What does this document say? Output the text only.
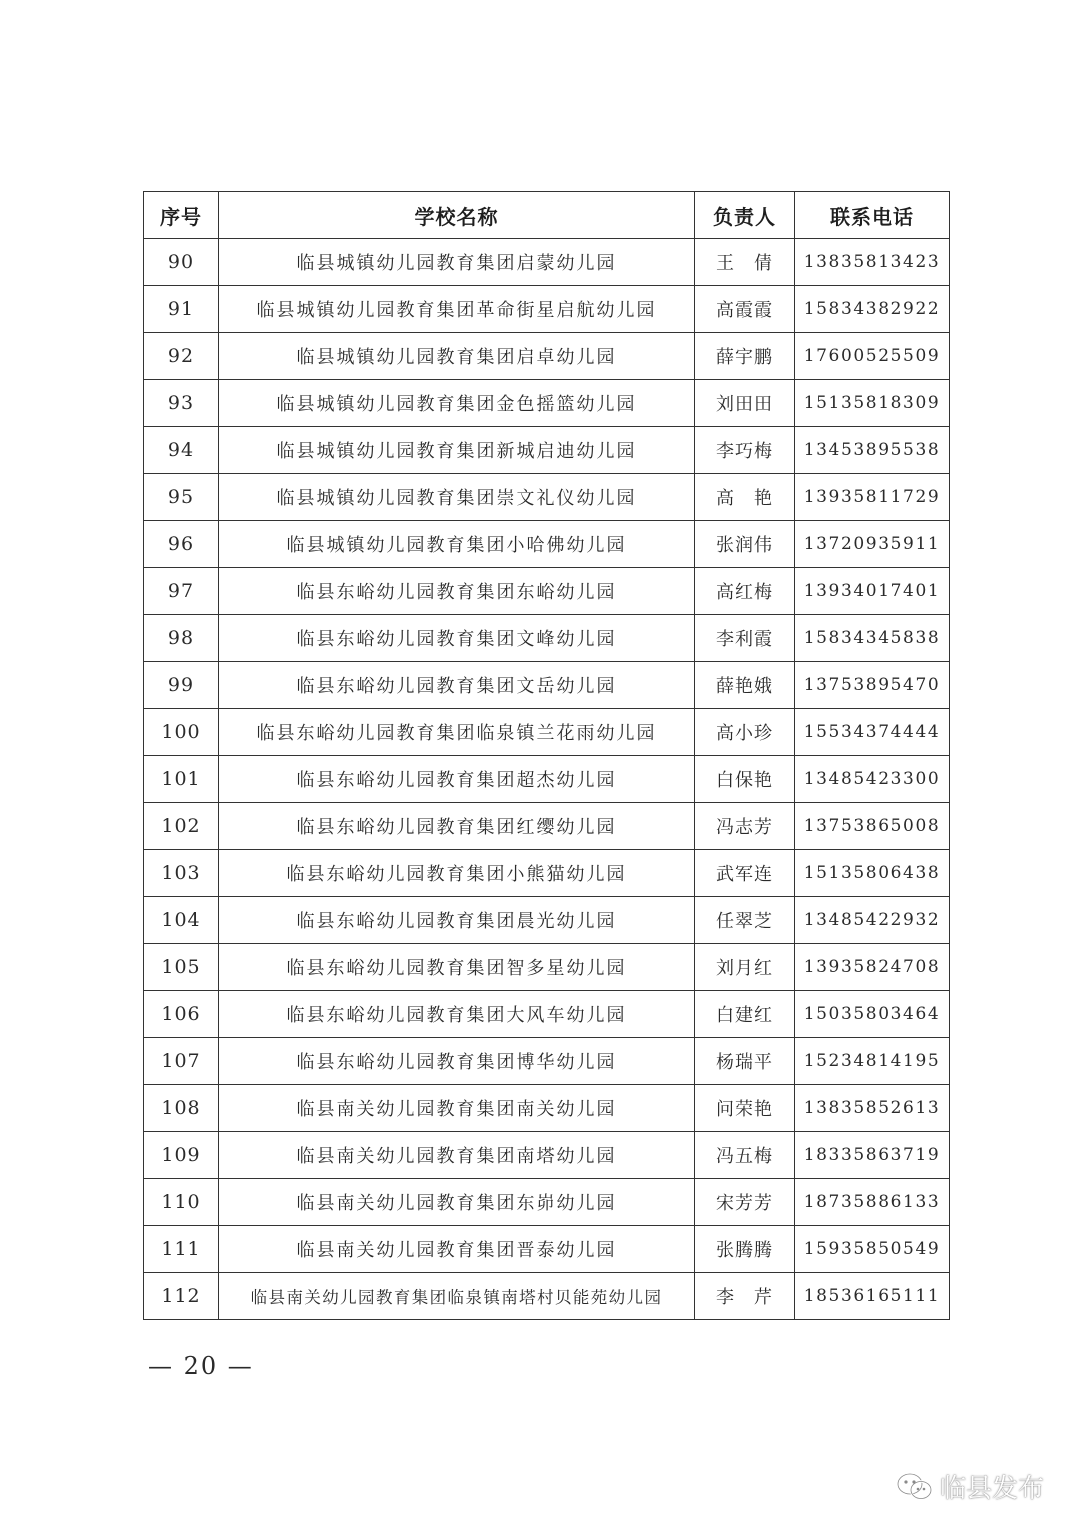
序号	学校名称	负责人	联系电话
90	临县城镇幼儿园教育集团启蒙幼儿园	王　倩	13835813423
91	临县城镇幼儿园教育集团革命街星启航幼儿园	高霞霞	15834382922
92	临县城镇幼儿园教育集团启卓幼儿园	薛宇鹏	17600525509
93	临县城镇幼儿园教育集团金色摇篮幼儿园	刘田田	15135818309
94	临县城镇幼儿园教育集团新城启迪幼儿园	李巧梅	13453895538
95	临县城镇幼儿园教育集团崇文礼仪幼儿园	高　艳	13935811729
96	临县城镇幼儿园教育集团小哈佛幼儿园	张润伟	13720935911
97	临县东峪幼儿园教育集团东峪幼儿园	高红梅	13934017401
98	临县东峪幼儿园教育集团文峰幼儿园	李利霞	15834345838
99	临县东峪幼儿园教育集团文岳幼儿园	薛艳娥	13753895470
100	临县东峪幼儿园教育集团临泉镇兰花雨幼儿园	高小珍	15534374444
101	临县东峪幼儿园教育集团超杰幼儿园	白保艳	13485423300
102	临县东峪幼儿园教育集团红缨幼儿园	冯志芳	13753865008
103	临县东峪幼儿园教育集团小熊猫幼儿园	武军连	15135806438
104	临县东峪幼儿园教育集团晨光幼儿园	任翠芝	13485422932
105	临县东峪幼儿园教育集团智多星幼儿园	刘月红	13935824708
106	临县东峪幼儿园教育集团大风车幼儿园	白建红	15035803464
107	临县东峪幼儿园教育集团博华幼儿园	杨瑞平	15234814195
108	临县南关幼儿园教育集团南关幼儿园	问荣艳	13835852613
109	临县南关幼儿园教育集团南塔幼儿园	冯五梅	18335863719
110	临县南关幼儿园教育集团东峁幼儿园	宋芳芳	18735886133
111	临县南关幼儿园教育集团晋泰幼儿园	张腾腾	15935850549
112	临县南关幼儿园教育集团临泉镇南塔村贝能苑幼儿园	李　芹	18536165111
— 20 —
临县发布
